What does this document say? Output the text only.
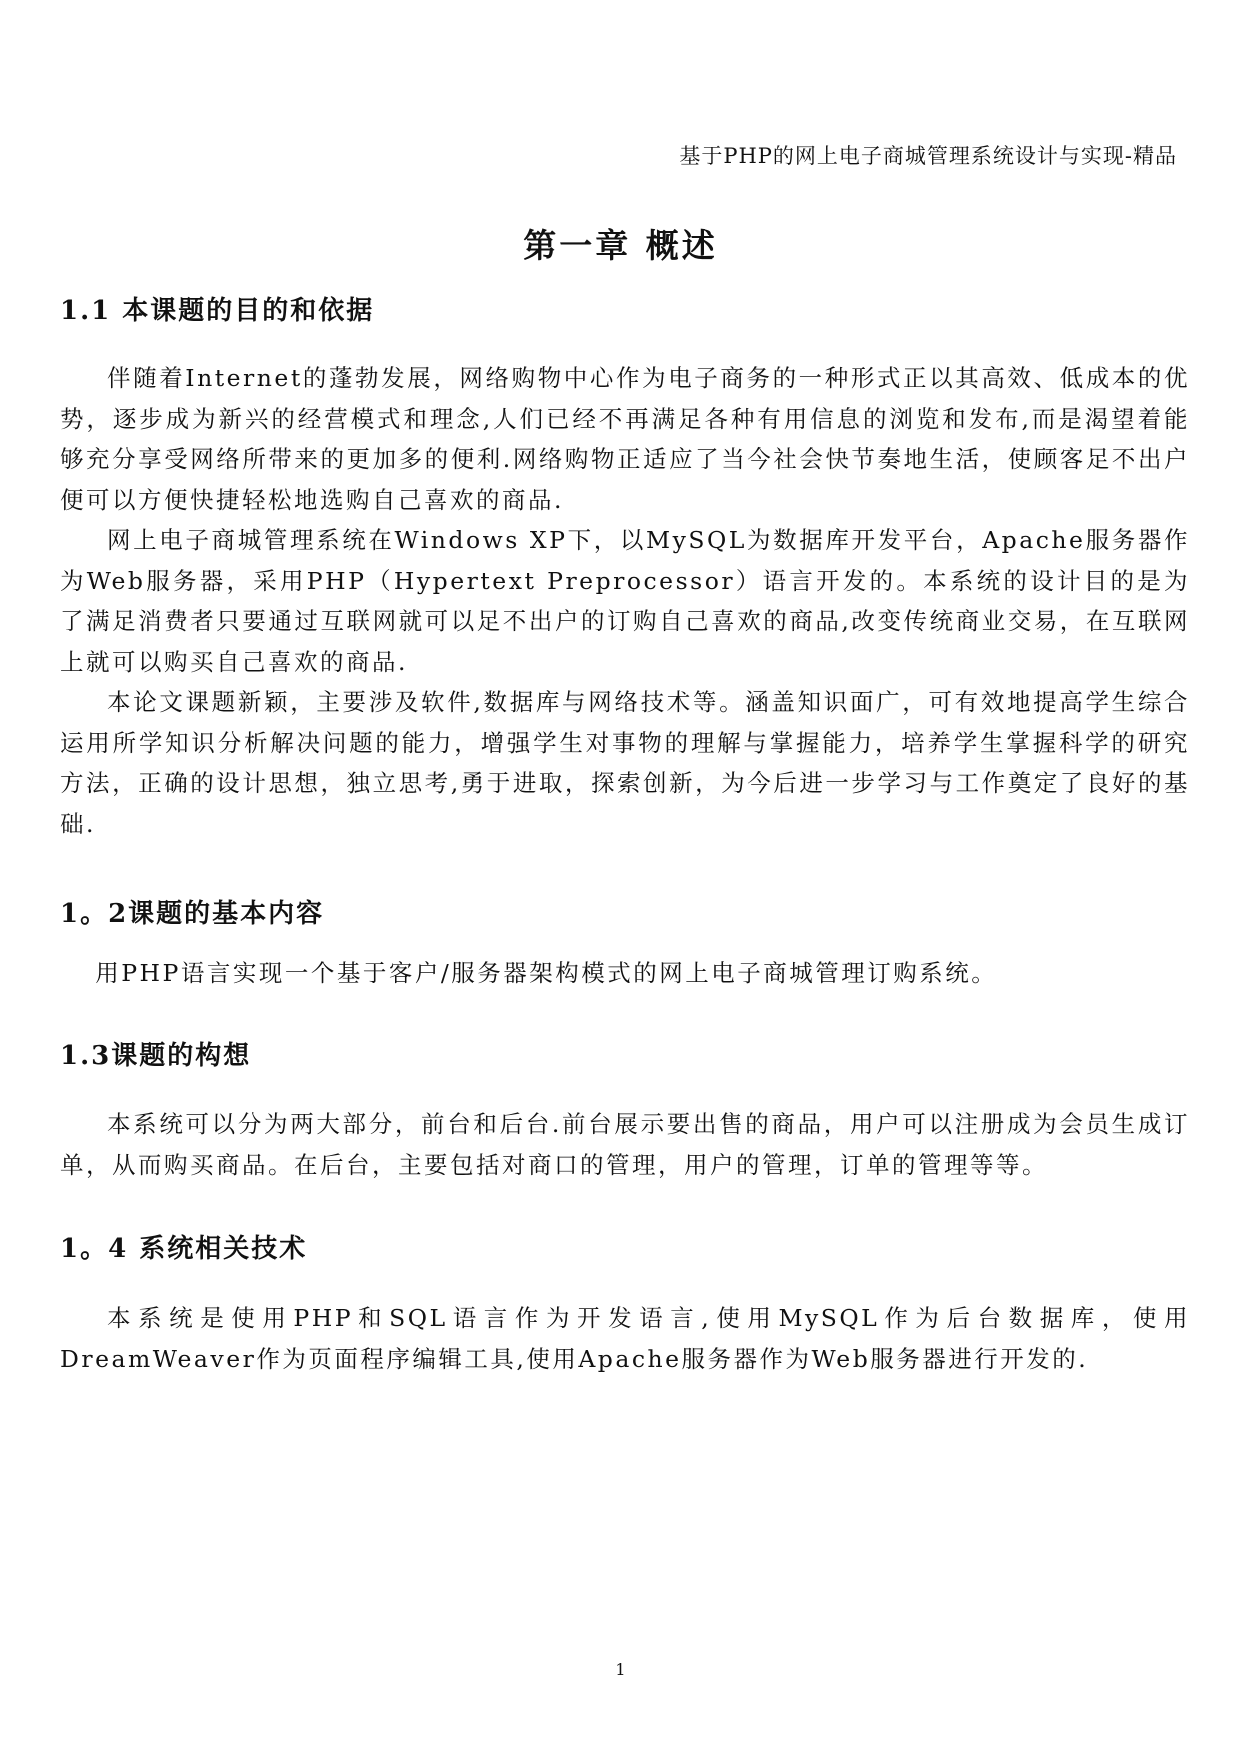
基于PHP的网上电子商城管理系统设计与实现-精品
第一章 概述
1.1 本课题的目的和依据

伴随着Internet的蓬勃发展，网络购物中心作为电子商务的一种形式正以其高效、低成本的优势，逐步成为新兴的经营模式和理念,人们已经不再满足各种有用信息的浏览和发布,而是渴望着能够充分享受网络所带来的更加多的便利.网络购物正适应了当今社会快节奏地生活，使顾客足不出户便可以方便快捷轻松地选购自己喜欢的商品.

网上电子商城管理系统在Windows XP下，以MySQL为数据库开发平台，Apache服务器作为Web服务器，采用PHP（Hypertext Preprocessor）语言开发的。本系统的设计目的是为了满足消费者只要通过互联网就可以足不出户的订购自己喜欢的商品,改变传统商业交易，在互联网上就可以购买自己喜欢的商品.

本论文课题新颖，主要涉及软件,数据库与网络技术等。涵盖知识面广，可有效地提高学生综合运用所学知识分析解决问题的能力，增强学生对事物的理解与掌握能力，培养学生掌握科学的研究方法，正确的设计思想，独立思考,勇于进取，探索创新，为今后进一步学习与工作奠定了良好的基础.

1。2课题的基本内容

用PHP语言实现一个基于客户/服务器架构模式的网上电子商城管理订购系统。

1.3课题的构想

本系统可以分为两大部分，前台和后台.前台展示要出售的商品，用户可以注册成为会员生成订单，从而购买商品。在后台，主要包括对商口的管理，用户的管理，订单的管理等等。

1。4 系统相关技术

本系统是使用PHP和SQL语言作为开发语言,使用MySQL作为后台数据库，使用DreamWeaver作为页面程序编辑工具,使用Apache服务器作为Web服务器进行开发的.

1
